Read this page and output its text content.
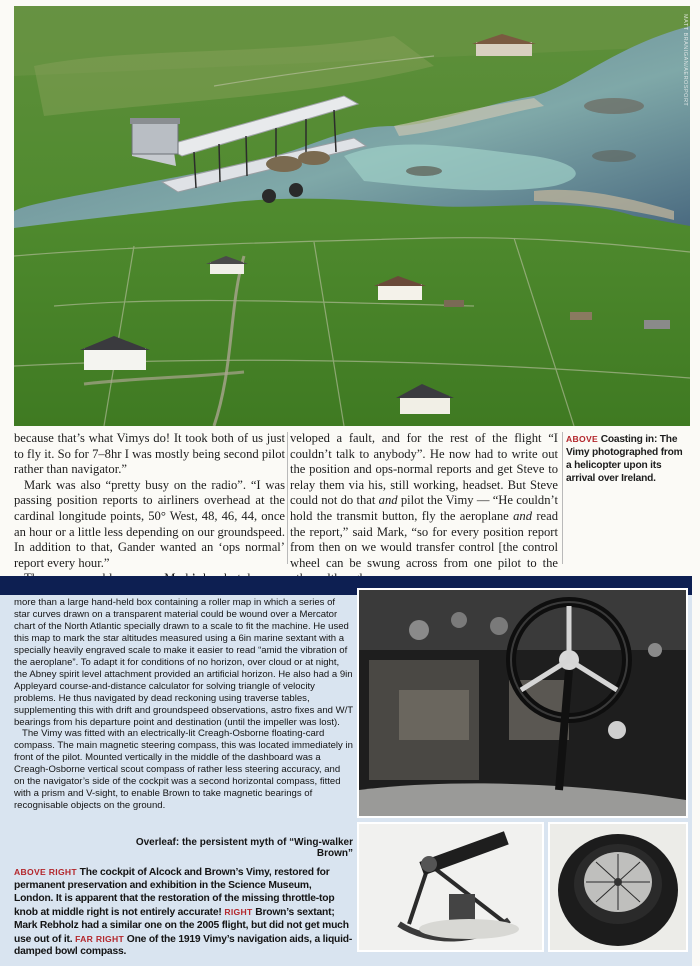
MATT BRANIGAN/AEROSPORT

because that’s what Vimys do! It took both of us just to fly it. So for 7–8hr I was mostly being second pilot rather than navigator.”

Mark was also “pretty busy on the radio”. “I was passing position reports to airliners overhead at the cardinal longitude points, 50° West, 48, 46, 44, once an hour or a little less depending on our groundspeed. In addition to that, Gander wanted an ‘ops normal’ report every hour.”

veloped a fault, and for the rest of the flight “I couldn’t talk to anybody”. He now had to write out the position and ops-normal reports and get Steve to relay them via his, still working, headset. But Steve could not do that and pilot the Vimy — “He couldn’t hold the transmit button, fly the aeroplane and read the report,” said Mark, “so for every position report from then on we would transfer control [the control wheel can be swung across from one pilot to the

ABOVE Coasting in: The Vimy photographed from a helicopter upon its arrival over Ireland.

more than a large hand-held box containing a roller map in which a series of star curves drawn on a transparent material could be wound over a Mercator chart of the North Atlantic specially drawn to a scale to fit the machine. He used this map to mark the star altitudes measured using a 6in marine sextant with a specially heavily engraved scale to make it easier to read “amid the vibration of the aeroplane”. To adapt it for conditions of no horizon, over cloud or at night, the Abney spirit level attachment provided an artificial horizon. He also had a 9in Appleyard course-and-distance calculator for solving triangle of velocity problems. He thus navigated by dead reckoning using traverse tables, supplementing this with drift and groundspeed observations, astro fixes and W/T bearings from his departure point and destination (until the impeller was lost).

The Vimy was fitted with an electrically-lit Creagh-Osborne floating-card compass. The main magnetic steering compass, this was located immediately in front of the pilot. Mounted vertically in the middle of the dashboard was a Creagh-Osborne vertical scout compass of rather less steering accuracy, and on the navigator’s side of the cockpit was a second horizontal compass, fitted with a prism and V-sight, to enable Brown to take magnetic bearings of recognisable objects on the ground.

Overleaf: the persistent myth of “Wing-walker Brown”
ABOVE RIGHT The cockpit of Alcock and Brown’s Vimy, restored for permanent preservation and exhibition in the Science Museum, London. It is apparent that the restoration of the missing throttle-top knob at middle right is not entirely accurate! RIGHT Brown’s sextant; Mark Rebholz had a similar one on the 2005 flight, but did not get much use out of it. FAR RIGHT One of the 1919 Vimy’s navigation aids, a liquid-damped bowl compass.
